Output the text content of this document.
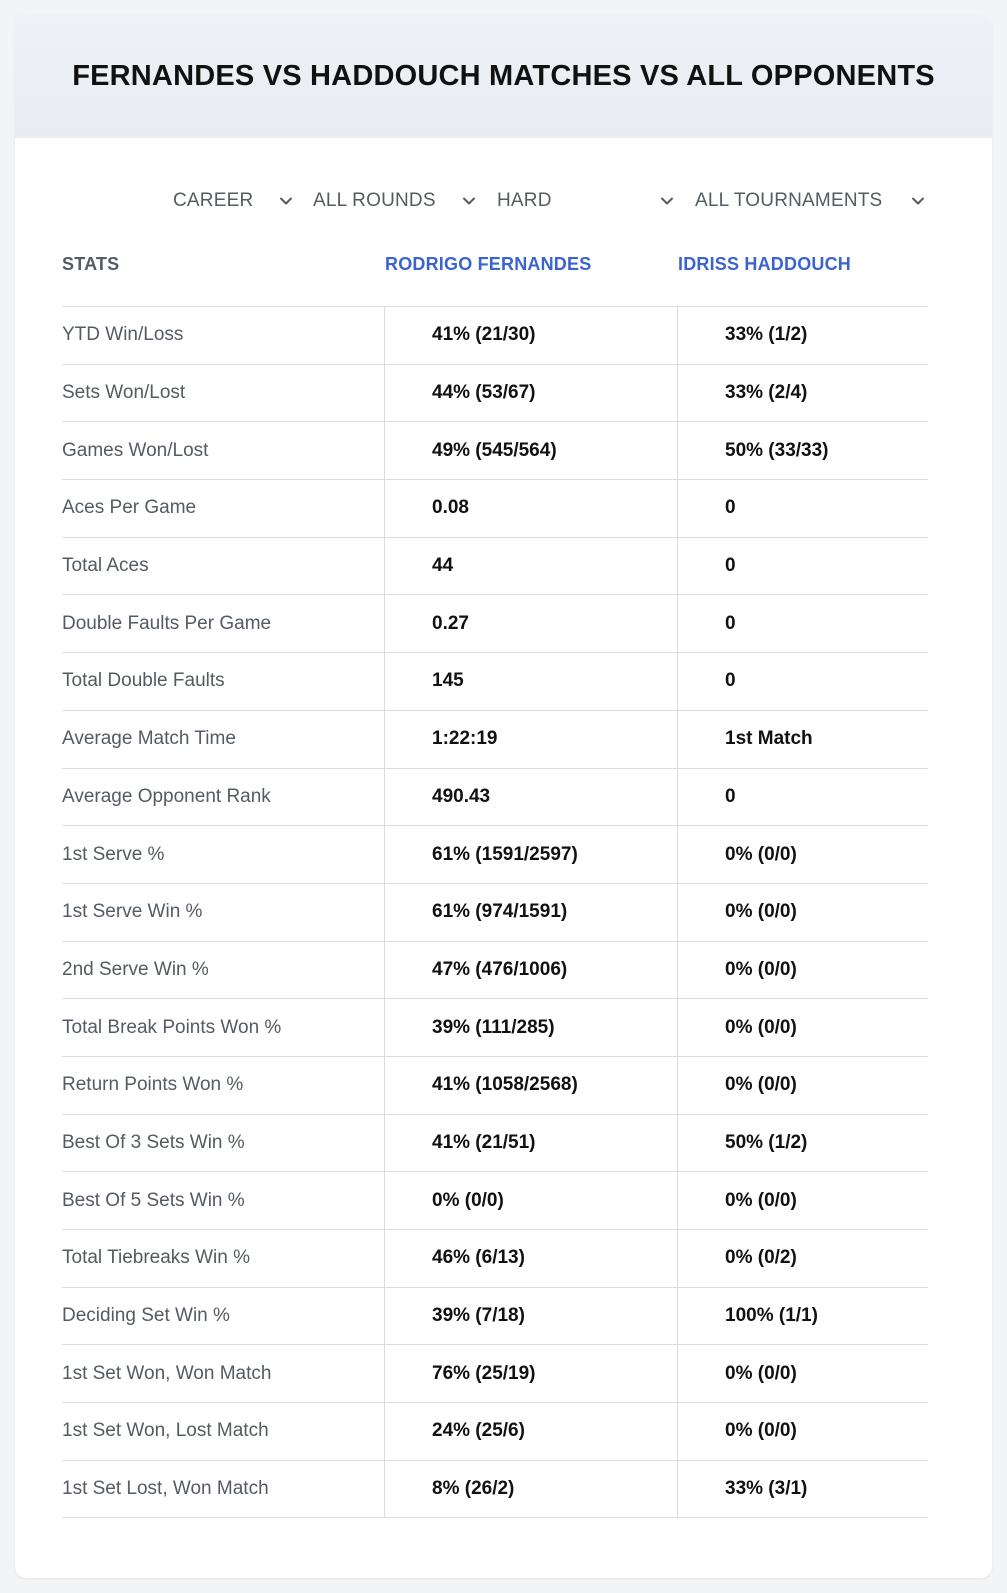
FERNANDES VS HADDOUCH MATCHES VS ALL OPPONENTS
CAREER	ALL ROUNDS	HARD	ALL TOURNAMENTS
STATS	RODRIGO FERNANDES	IDRISS HADDOUCH
YTD Win/Loss	41% (21/30)	33% (1/2)
Sets Won/Lost	44% (53/67)	33% (2/4)
Games Won/Lost	49% (545/564)	50% (33/33)
Aces Per Game	0.08	0
Total Aces	44	0
Double Faults Per Game	0.27	0
Total Double Faults	145	0
Average Match Time	1:22:19	1st Match
Average Opponent Rank	490.43	0
1st Serve %	61% (1591/2597)	0% (0/0)
1st Serve Win %	61% (974/1591)	0% (0/0)
2nd Serve Win %	47% (476/1006)	0% (0/0)
Total Break Points Won %	39% (111/285)	0% (0/0)
Return Points Won %	41% (1058/2568)	0% (0/0)
Best Of 3 Sets Win %	41% (21/51)	50% (1/2)
Best Of 5 Sets Win %	0% (0/0)	0% (0/0)
Total Tiebreaks Win %	46% (6/13)	0% (0/2)
Deciding Set Win %	39% (7/18)	100% (1/1)
1st Set Won, Won Match	76% (25/19)	0% (0/0)
1st Set Won, Lost Match	24% (25/6)	0% (0/0)
1st Set Lost, Won Match	8% (26/2)	33% (3/1)
